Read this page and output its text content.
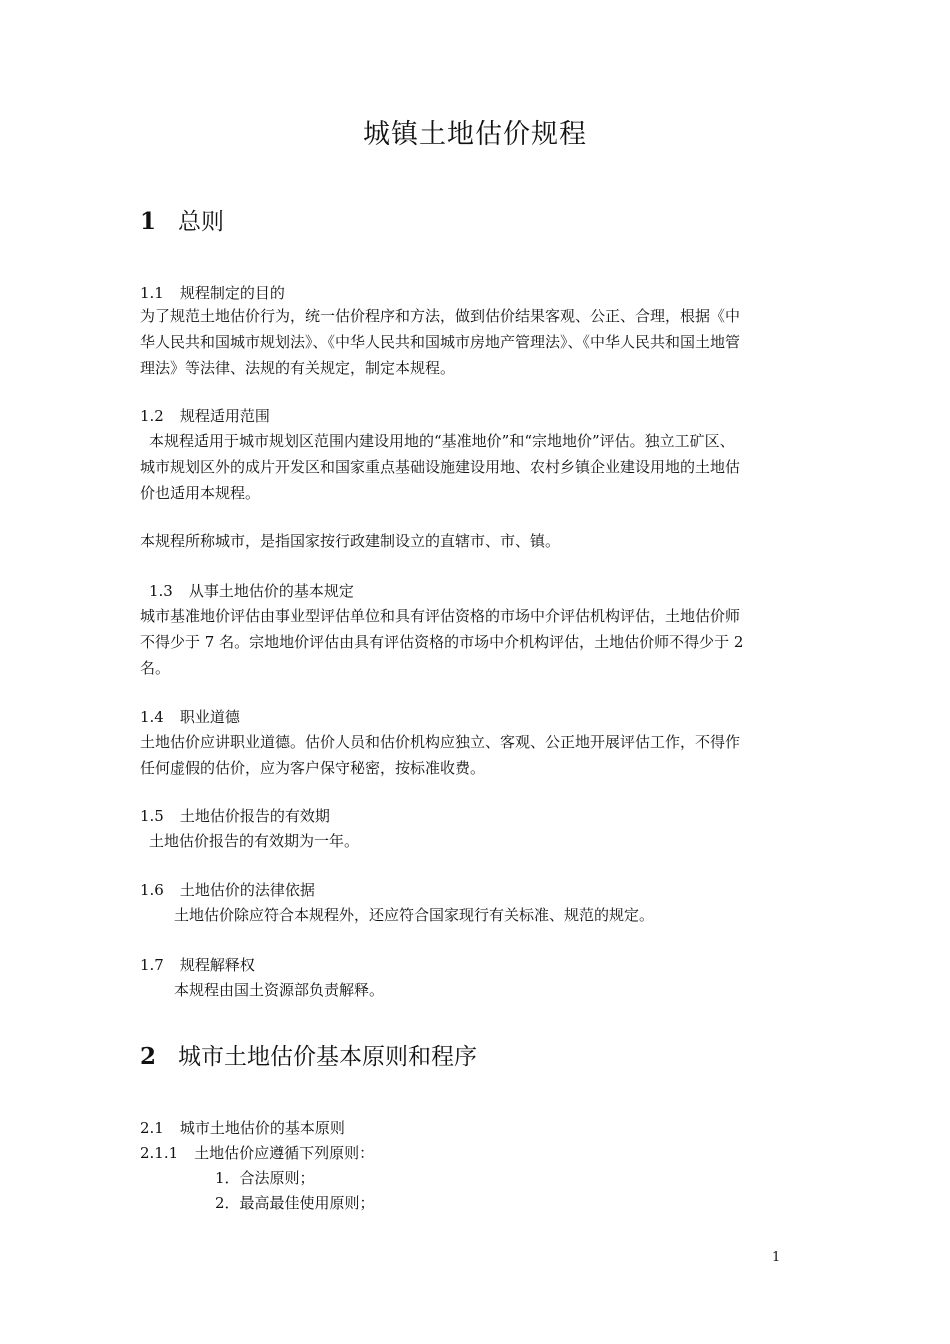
城镇土地估价规程
1 总则
1.1 规程制定的目的
为了规范土地估价行为，统一估价程序和方法，做到估价结果客观、公正、合理，根据《中
华人民共和国城市规划法》、《中华人民共和国城市房地产管理法》、《中华人民共和国土地管
理法》等法律、法规的有关规定，制定本规程。
1.2 规程适用范围
本规程适用于城市规划区范围内建设用地的“基准地价”和“宗地地价”评估。独立工矿区、
城市规划区外的成片开发区和国家重点基础设施建设用地、农村乡镇企业建设用地的土地估
价也适用本规程。
本规程所称城市，是指国家按行政建制设立的直辖市、市、镇。
1.3 从事土地估价的基本规定
城市基准地价评估由事业型评估单位和具有评估资格的市场中介评估机构评估，土地估价师
不得少于 7 名。宗地地价评估由具有评估资格的市场中介机构评估，土地估价师不得少于 2
名。
1.4 职业道德
土地估价应讲职业道德。估价人员和估价机构应独立、客观、公正地开展评估工作，不得作
任何虚假的估价，应为客户保守秘密，按标准收费。
1.5 土地估价报告的有效期
土地估价报告的有效期为一年。
1.6 土地估价的法律依据
土地估价除应符合本规程外，还应符合国家现行有关标准、规范的规定。
1.7 规程解释权
本规程由国土资源部负责解释。
2 城市土地估价基本原则和程序
2.1 城市土地估价的基本原则
2.1.1 土地估价应遵循下列原则：
1．合法原则；
2．最高最佳使用原则；
1
